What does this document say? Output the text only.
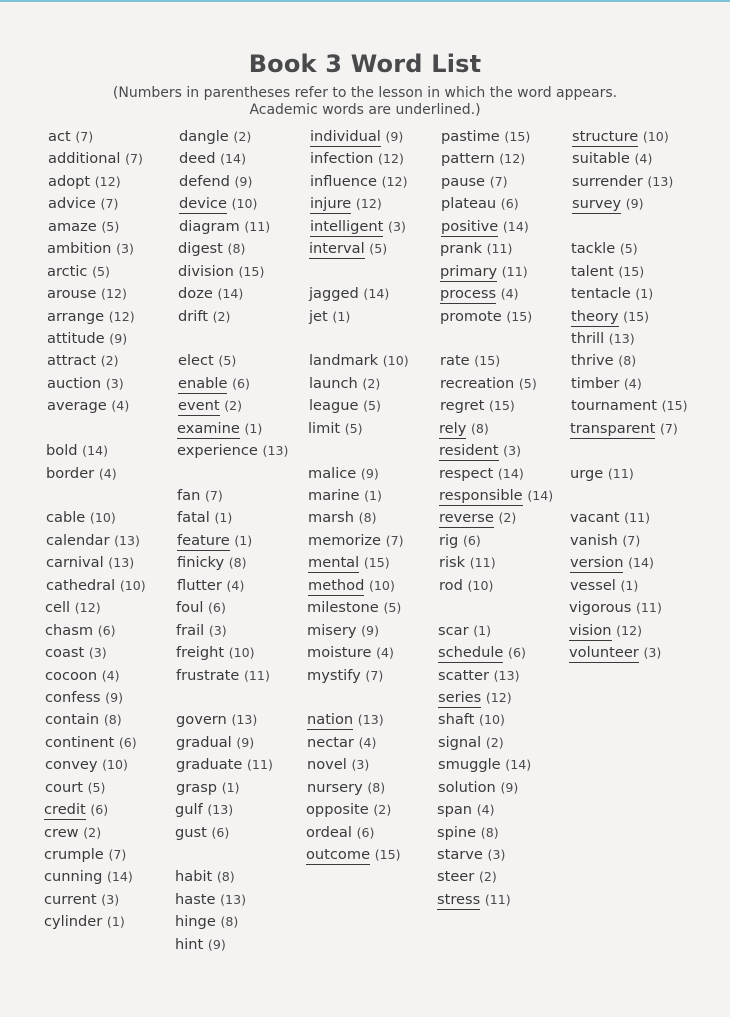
Book 3 Word List
(Numbers in parentheses refer to the lesson in which the word appears.
Academic words are underlined.)
act (7)
additional (7)
adopt (12)
advice (7)
amaze (5)
ambition (3)
arctic (5)
arouse (12)
arrange (12)
attitude (9)
attract (2)
auction (3)
average (4)
bold (14)
border (4)
cable (10)
calendar (13)
carnival (13)
cathedral (10)
cell (12)
chasm (6)
coast (3)
cocoon (4)
confess (9)
contain (8)
continent (6)
convey (10)
court (5)
credit (6)
crew (2)
crumple (7)
cunning (14)
current (3)
cylinder (1)
dangle (2)
deed (14)
defend (9)
device (10)
diagram (11)
digest (8)
division (15)
doze (14)
drift (2)
elect (5)
enable (6)
event (2)
examine (1)
experience (13)
fan (7)
fatal (1)
feature (1)
finicky (8)
flutter (4)
foul (6)
frail (3)
freight (10)
frustrate (11)
govern (13)
gradual (9)
graduate (11)
grasp (1)
gulf (13)
gust (6)
habit (8)
haste (13)
hinge (8)
hint (9)
individual (9)
infection (12)
influence (12)
injure (12)
intelligent (3)
interval (5)
jagged (14)
jet (1)
landmark (10)
launch (2)
league (5)
limit (5)
malice (9)
marine (1)
marsh (8)
memorize (7)
mental (15)
method (10)
milestone (5)
misery (9)
moisture (4)
mystify (7)
nation (13)
nectar (4)
novel (3)
nursery (8)
opposite (2)
ordeal (6)
outcome (15)
pastime (15)
pattern (12)
pause (7)
plateau (6)
positive (14)
prank (11)
primary (11)
process (4)
promote (15)
rate (15)
recreation (5)
regret (15)
rely (8)
resident (3)
respect (14)
responsible (14)
reverse (2)
rig (6)
risk (11)
rod (10)
scar (1)
schedule (6)
scatter (13)
series (12)
shaft (10)
signal (2)
smuggle (14)
solution (9)
span (4)
spine (8)
starve (3)
steer (2)
stress (11)
structure (10)
suitable (4)
surrender (13)
survey (9)
tackle (5)
talent (15)
tentacle (1)
theory (15)
thrill (13)
thrive (8)
timber (4)
tournament (15)
transparent (7)
urge (11)
vacant (11)
vanish (7)
version (14)
vessel (1)
vigorous (11)
vision (12)
volunteer (3)
